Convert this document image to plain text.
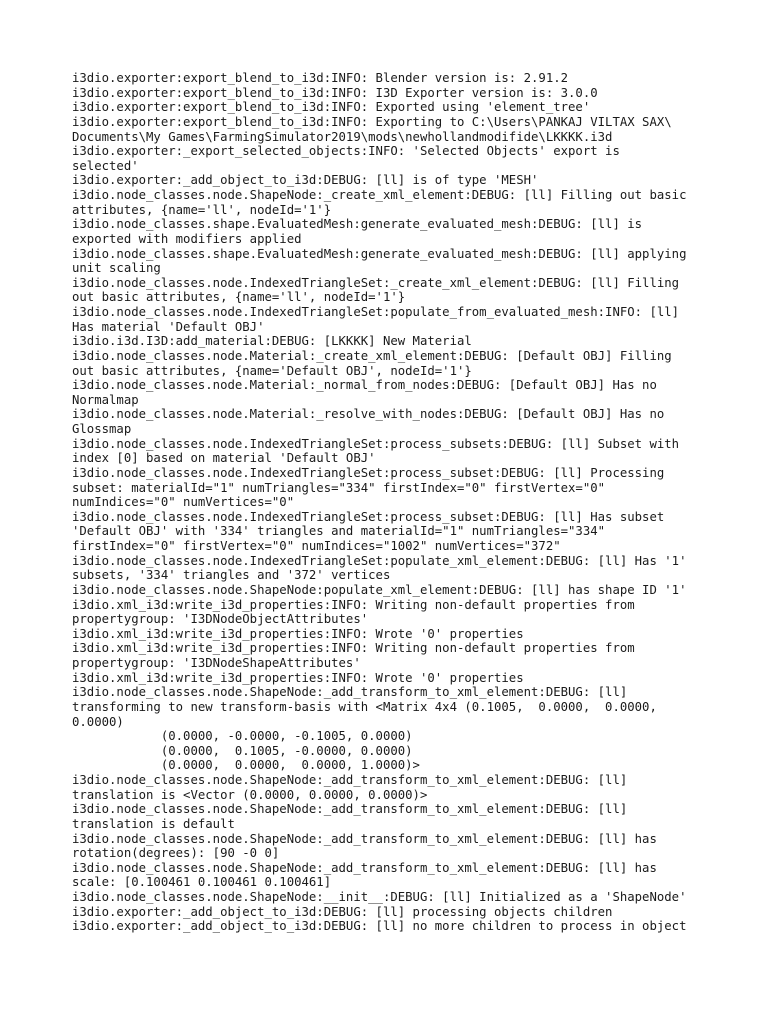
i3dio.exporter:export_blend_to_i3d:INFO: Blender version is: 2.91.2
i3dio.exporter:export_blend_to_i3d:INFO: I3D Exporter version is: 3.0.0
i3dio.exporter:export_blend_to_i3d:INFO: Exported using 'element_tree'
i3dio.exporter:export_blend_to_i3d:INFO: Exporting to C:\Users\PANKAJ VILTAX SAX\
Documents\My Games\FarmingSimulator2019\mods\newhollandmodifide\LKKKK.i3d
i3dio.exporter:_export_selected_objects:INFO: 'Selected Objects' export is
selected'
i3dio.exporter:_add_object_to_i3d:DEBUG: [ll] is of type 'MESH'
i3dio.node_classes.node.ShapeNode:_create_xml_element:DEBUG: [ll] Filling out basic
attributes, {name='ll', nodeId='1'}
i3dio.node_classes.shape.EvaluatedMesh:generate_evaluated_mesh:DEBUG: [ll] is
exported with modifiers applied
i3dio.node_classes.shape.EvaluatedMesh:generate_evaluated_mesh:DEBUG: [ll] applying
unit scaling
i3dio.node_classes.node.IndexedTriangleSet:_create_xml_element:DEBUG: [ll] Filling
out basic attributes, {name='ll', nodeId='1'}
i3dio.node_classes.node.IndexedTriangleSet:populate_from_evaluated_mesh:INFO: [ll]
Has material 'Default OBJ'
i3dio.i3d.I3D:add_material:DEBUG: [LKKKK] New Material
i3dio.node_classes.node.Material:_create_xml_element:DEBUG: [Default OBJ] Filling
out basic attributes, {name='Default OBJ', nodeId='1'}
i3dio.node_classes.node.Material:_normal_from_nodes:DEBUG: [Default OBJ] Has no
Normalmap
i3dio.node_classes.node.Material:_resolve_with_nodes:DEBUG: [Default OBJ] Has no
Glossmap
i3dio.node_classes.node.IndexedTriangleSet:process_subsets:DEBUG: [ll] Subset with
index [0] based on material 'Default OBJ'
i3dio.node_classes.node.IndexedTriangleSet:process_subset:DEBUG: [ll] Processing
subset: materialId="1" numTriangles="334" firstIndex="0" firstVertex="0"
numIndices="0" numVertices="0"
i3dio.node_classes.node.IndexedTriangleSet:process_subset:DEBUG: [ll] Has subset
'Default OBJ' with '334' triangles and materialId="1" numTriangles="334"
firstIndex="0" firstVertex="0" numIndices="1002" numVertices="372"
i3dio.node_classes.node.IndexedTriangleSet:populate_xml_element:DEBUG: [ll] Has '1'
subsets, '334' triangles and '372' vertices
i3dio.node_classes.node.ShapeNode:populate_xml_element:DEBUG: [ll] has shape ID '1'
i3dio.xml_i3d:write_i3d_properties:INFO: Writing non-default properties from
propertygroup: 'I3DNodeObjectAttributes'
i3dio.xml_i3d:write_i3d_properties:INFO: Wrote '0' properties
i3dio.xml_i3d:write_i3d_properties:INFO: Writing non-default properties from
propertygroup: 'I3DNodeShapeAttributes'
i3dio.xml_i3d:write_i3d_properties:INFO: Wrote '0' properties
i3dio.node_classes.node.ShapeNode:_add_transform_to_xml_element:DEBUG: [ll]
transforming to new transform-basis with <Matrix 4x4 (0.1005,  0.0000,  0.0000,
0.0000)
(0.0000, -0.0000, -0.1005, 0.0000)
(0.0000,  0.1005, -0.0000, 0.0000)
(0.0000,  0.0000,  0.0000, 1.0000)>
i3dio.node_classes.node.ShapeNode:_add_transform_to_xml_element:DEBUG: [ll]
translation is <Vector (0.0000, 0.0000, 0.0000)>
i3dio.node_classes.node.ShapeNode:_add_transform_to_xml_element:DEBUG: [ll]
translation is default
i3dio.node_classes.node.ShapeNode:_add_transform_to_xml_element:DEBUG: [ll] has
rotation(degrees): [90 -0 0]
i3dio.node_classes.node.ShapeNode:_add_transform_to_xml_element:DEBUG: [ll] has
scale: [0.100461 0.100461 0.100461]
i3dio.node_classes.node.ShapeNode:__init__:DEBUG: [ll] Initialized as a 'ShapeNode'
i3dio.exporter:_add_object_to_i3d:DEBUG: [ll] processing objects children
i3dio.exporter:_add_object_to_i3d:DEBUG: [ll] no more children to process in object
